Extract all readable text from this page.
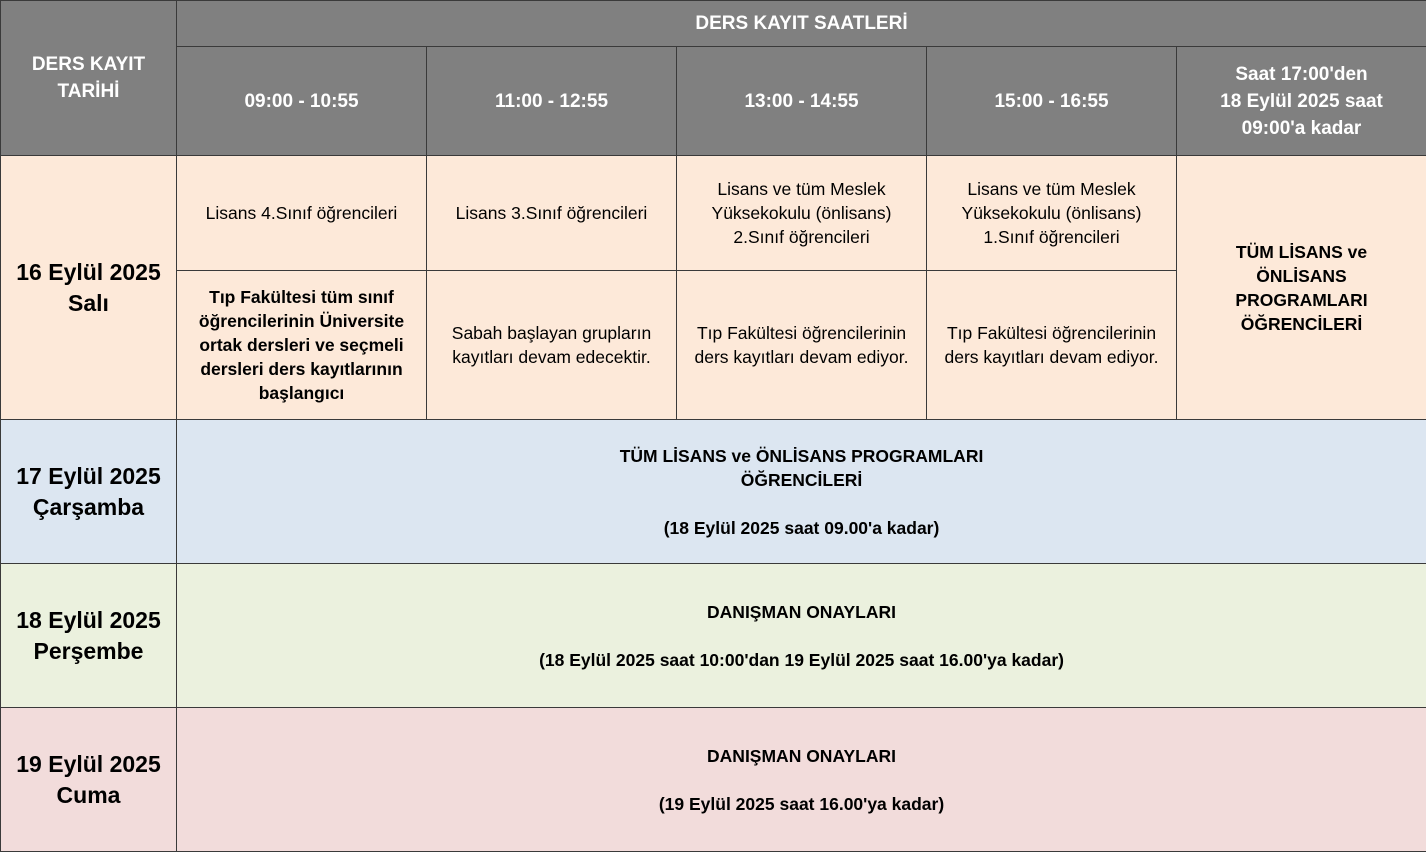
DERS KAYIT
TARİHİ	DERS KAYIT SAATLERİ				
	09:00 - 10:55	11:00 - 12:55	13:00 - 14:55	15:00 - 16:55	Saat 17:00'den
18 Eylül 2025 saat
09:00'a kadar

16 Eylül 2025
Salı	Lisans 4.Sınıf öğrencileri	Lisans 3.Sınıf öğrencileri	Lisans ve tüm Meslek
Yüksekokulu (önlisans)
2.Sınıf öğrencileri	Lisans ve tüm Meslek
Yüksekokulu (önlisans)
1.Sınıf öğrencileri	TÜM LİSANS ve
ÖNLİSANS
PROGRAMLARI
ÖĞRENCİLERİ

	Tıp Fakültesi tüm sınıf
öğrencilerinin Üniversite
ortak dersleri ve seçmeli
dersleri ders kayıtlarının
başlangıcı	Sabah başlayan grupların
kayıtları devam edecektir.	Tıp Fakültesi öğrencilerinin
ders kayıtları devam ediyor.	Tıp Fakültesi öğrencilerinin
ders kayıtları devam ediyor.	

17 Eylül 2025
Çarşamba	TÜM LİSANS ve ÖNLİSANS PROGRAMLARI
ÖĞRENCİLERİ
(18 Eylül 2025 saat 09.00'a kadar)				

18 Eylül 2025
Perşembe	DANIŞMAN ONAYLARI
(18 Eylül 2025 saat 10:00'dan 19 Eylül 2025 saat 16.00'ya kadar)				

19 Eylül 2025
Cuma	DANIŞMAN ONAYLARI
(19 Eylül 2025 saat 16.00'ya kadar)				
